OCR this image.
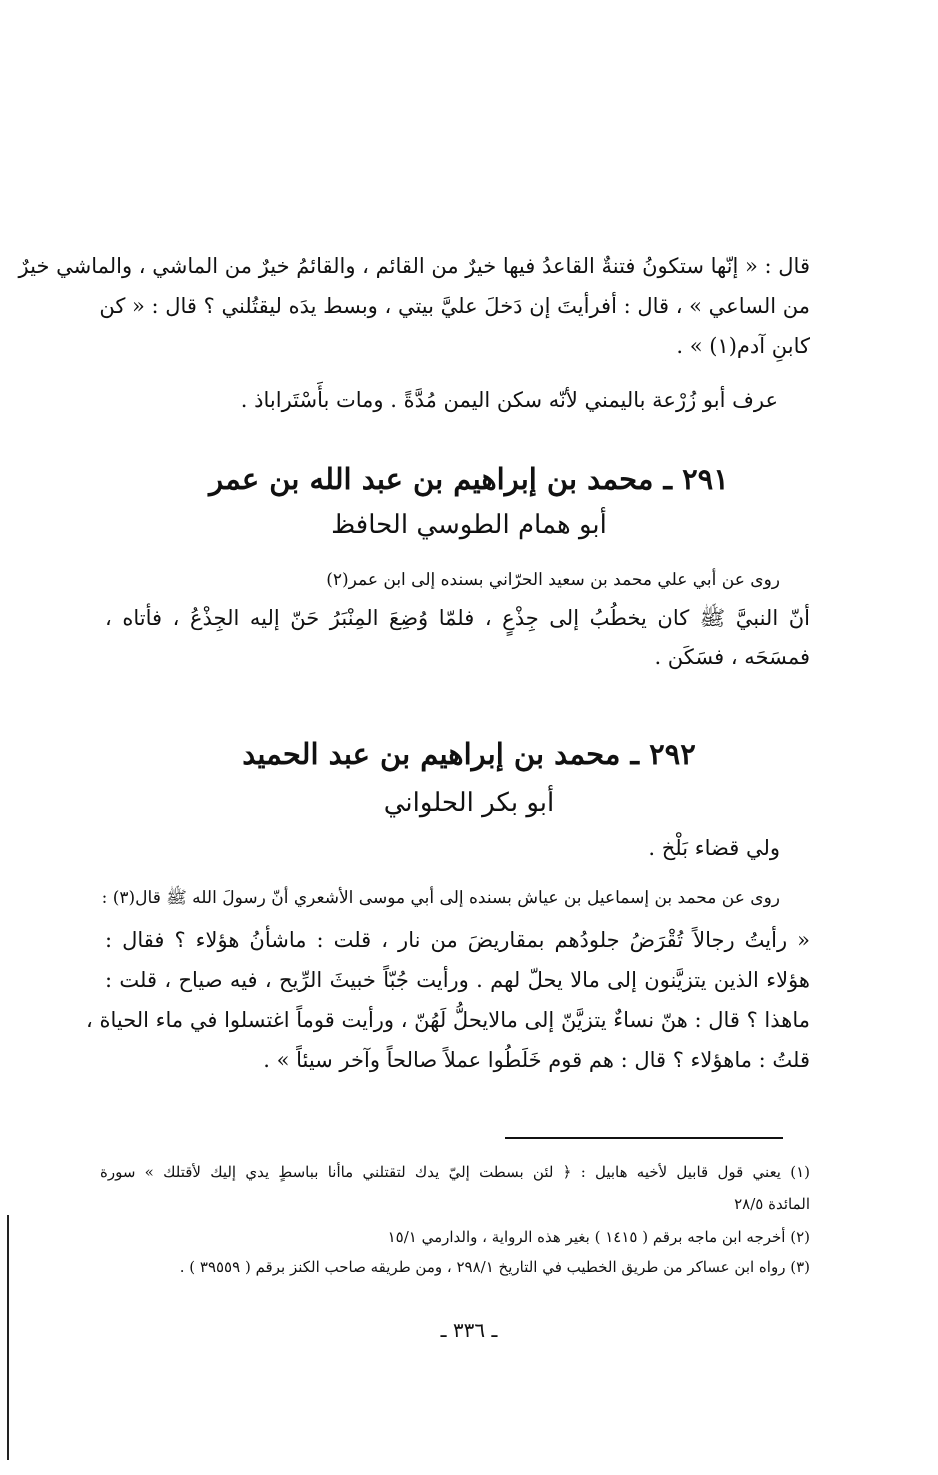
قال : « إنّها ستكونُ فتنةٌ القاعدُ فيها خيرٌ من القائم ، والقائمُ خيرٌ من الماشي ، والماشي خيرٌ
من الساعي » ، قال : أفرأيتَ إن دَخلَ عليَّ بيتي ، وبسط يدَه ليقتُلني ؟ قال : « كن
كابنِ آدم(١) » .
عرف أبو زُرْعة باليمني لأنّه سكن اليمن مُدَّةً . ومات بأَسْتَراباذ .
٢٩١ ـ محمد بن إبراهيم بن عبد الله بن عمر
أبو همام الطوسي الحافظ
روى عن أبي علي محمد بن سعيد الحرّاني بسنده إلى ابن عمر(٢)
أنّ النبيَّ ﷺ كان يخطُبُ إلى جِذْعٍ ، فلمّا وُضِعَ المِنْبَرُ حَنّ إليه الجِذْعُ ، فأتاه ،
فمسَحَه ، فسَكَن .
٢٩٢ ـ محمد بن إبراهيم بن عبد الحميد
أبو بكر الحلواني
ولي قضاء بَلْخ .
روى عن محمد بن إسماعيل بن عياش بسنده إلى أبي موسى الأشعري أنّ رسولَ الله ﷺ قال(٣) :
« رأيتُ رجالاً تُقْرَضُ جلودُهم بمقاريضَ من نار ، قلت : ماشأنُ هؤلاء ؟ فقال :
هؤلاء الذين يتزيَّنون إلى مالا يحلّ لهم . ورأيت جُبّاً خبيثَ الرِّيح ، فيه صياح ، قلت :
ماهذا ؟ قال : هنّ نساءٌ يتزيَّنّ إلى مالايحلُّ لَهُنّ ، ورأيت قوماً اغتسلوا في ماء الحياة ،
قلتُ : ماهؤلاء ؟ قال : هم قوم خَلَطُوا عملاً صالحاً وآخر سيئاً » .
(١) يعني قول قابيل لأخيه هابيل : ﴿ لئن بسطت إليّ يدك لتقتلني ماأنا بباسطٍ يدي إليك لأقتلك » سورة
المائدة ٢٨/٥
(٢) أخرجه ابن ماجه برقم ( ١٤١٥ ) بغير هذه الرواية ، والدارمي ١٥/١
(٣) رواه ابن عساكر من طريق الخطيب في التاريخ ٢٩٨/١ ، ومن طريقه صاحب الكنز برقم ( ٣٩٥٥٩ ) .
ـ ٣٣٦ ـ
